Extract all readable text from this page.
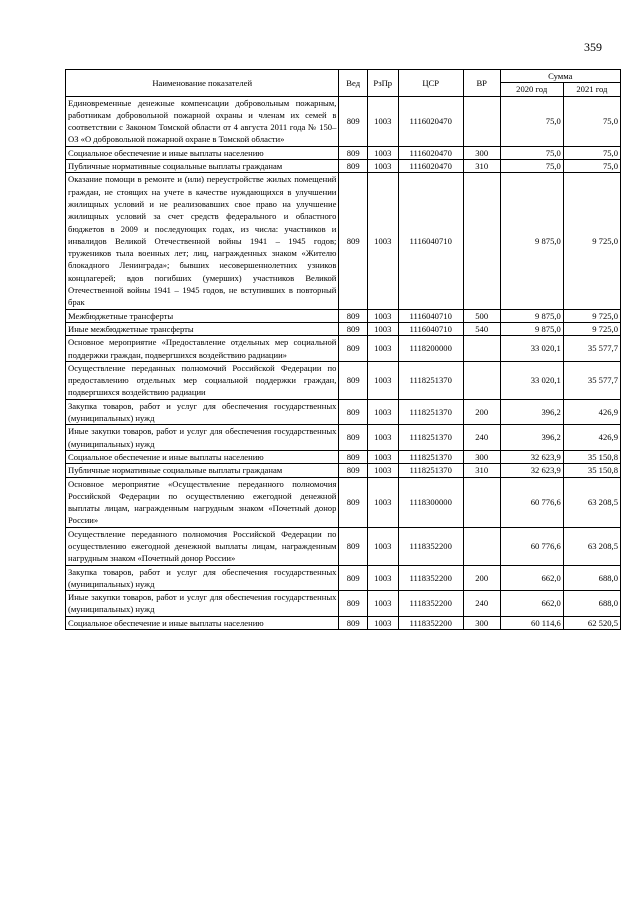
359
Наименование показателей	Вед	РзПр	ЦСР	ВР	Сумма	
					2020 год	2021 год
Единовременные денежные компенсации добровольным пожарным, работникам добровольной пожарной охраны и членам их семей в соответствии с Законом Томской области от 4 августа 2011 года № 150–ОЗ «О добровольной пожарной охране в Томской области»	809	1003	1116020470		75,0	75,0
Социальное обеспечение и иные выплаты населению	809	1003	1116020470	300	75,0	75,0
Публичные нормативные социальные выплаты гражданам	809	1003	1116020470	310	75,0	75,0
Оказание помощи в ремонте и (или) переустройстве жилых помещений граждан, не стоящих на учете в качестве нуждающихся в улучшении жилищных условий и не реализовавших свое право на улучшение жилищных условий за счет средств федерального и областного бюджетов в 2009 и последующих годах, из числа: участников и инвалидов Великой Отечественной войны 1941 – 1945 годов; тружеников тыла военных лет; лиц, награжденных знаком «Жителю блокадного Ленинграда»; бывших несовершеннолетних узников концлагерей; вдов погибших (умерших) участников Великой Отечественной войны 1941 – 1945 годов, не вступивших в повторный брак	809	1003	1116040710		9 875,0	9 725,0
Межбюджетные трансферты	809	1003	1116040710	500	9 875,0	9 725,0
Иные межбюджетные трансферты	809	1003	1116040710	540	9 875,0	9 725,0
Основное мероприятие «Предоставление отдельных мер социальной поддержки граждан, подвергшихся воздействию радиации»	809	1003	1118200000		33 020,1	35 577,7
Осуществление переданных полномочий Российской Федерации по предоставлению отдельных мер социальной поддержки граждан, подвергшихся воздействию радиации	809	1003	1118251370		33 020,1	35 577,7
Закупка товаров, работ и услуг для обеспечения государственных (муниципальных) нужд	809	1003	1118251370	200	396,2	426,9
Иные закупки товаров, работ и услуг для обеспечения государственных (муниципальных) нужд	809	1003	1118251370	240	396,2	426,9
Социальное обеспечение и иные выплаты населению	809	1003	1118251370	300	32 623,9	35 150,8
Публичные нормативные социальные выплаты гражданам	809	1003	1118251370	310	32 623,9	35 150,8
Основное мероприятие «Осуществление переданного полномочия Российской Федерации по осуществлению ежегодной денежной выплаты лицам, награжденным нагрудным знаком «Почетный донор России»	809	1003	1118300000		60 776,6	63 208,5
Осуществление переданного полномочия Российской Федерации по осуществлению ежегодной денежной выплаты лицам, награжденным нагрудным знаком «Почетный донор России»	809	1003	1118352200		60 776,6	63 208,5
Закупка товаров, работ и услуг для обеспечения государственных (муниципальных) нужд	809	1003	1118352200	200	662,0	688,0
Иные закупки товаров, работ и услуг для обеспечения государственных (муниципальных) нужд	809	1003	1118352200	240	662,0	688,0
Социальное обеспечение и иные выплаты населению	809	1003	1118352200	300	60 114,6	62 520,5
